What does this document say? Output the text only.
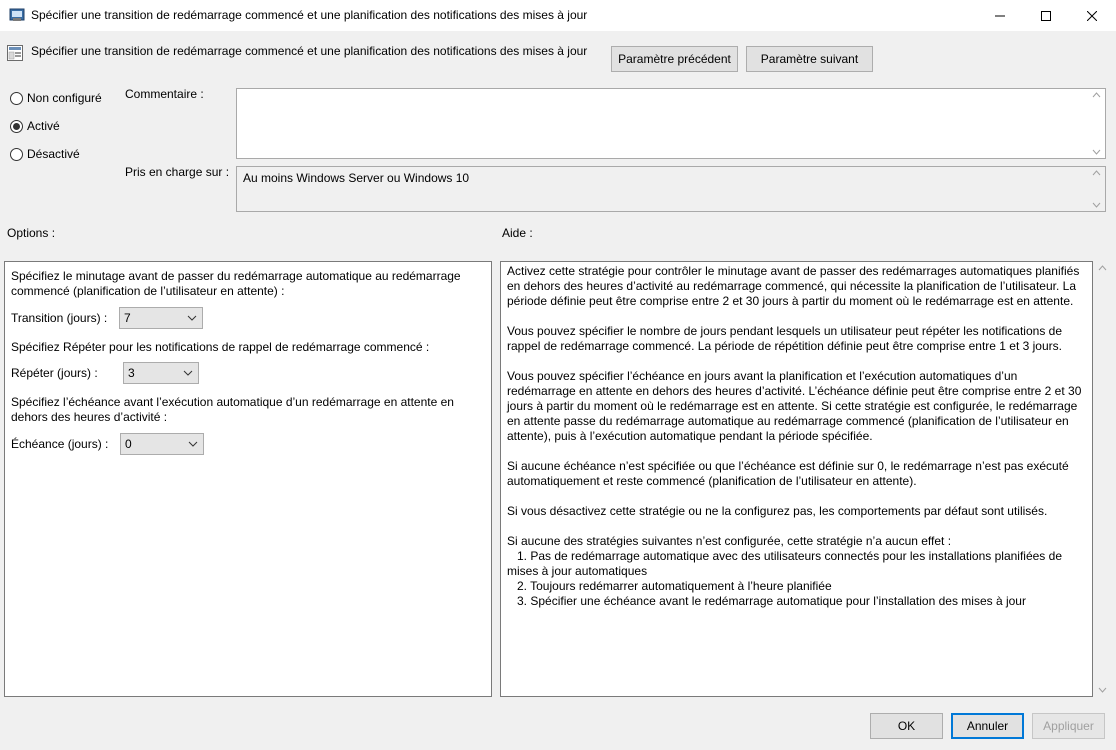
Spécifier une transition de redémarrage commencé et une planification des notifications des mises à jour
Spécifier une transition de redémarrage commencé et une planification des notifications des mises à jour
Paramètre précédent	Paramètre suivant
Non configuré
Activé
Désactivé
Commentaire :
Pris en charge sur : Au moins Windows Server ou Windows 10
Options :	Aide :
Spécifiez le minutage avant de passer du redémarrage automatique au redémarrage commencé (planification de l’utilisateur en attente) :
Transition (jours) : 7
Spécifiez Répéter pour les notifications de rappel de redémarrage commencé :
Répéter (jours) :	3
Spécifiez l’échéance avant l’exécution automatique d’un redémarrage en attente en dehors des heures d’activité :
Échéance (jours) : 0

Activez cette stratégie pour contrôler le minutage avant de passer des redémarrages automatiques planifiés en dehors des heures d’activité au redémarrage commencé, qui nécessite la planification de l’utilisateur. La période définie peut être comprise entre 2 et 30 jours à partir du moment où le redémarrage est en attente.

Vous pouvez spécifier le nombre de jours pendant lesquels un utilisateur peut répéter les notifications de rappel de redémarrage commencé. La période de répétition définie peut être comprise entre 1 et 3 jours.

Vous pouvez spécifier l’échéance en jours avant la planification et l’exécution automatiques d’un redémarrage en attente en dehors des heures d’activité. L’échéance définie peut être comprise entre 2 et 30 jours à partir du moment où le redémarrage est en attente. Si cette stratégie est configurée, le redémarrage en attente passe du redémarrage automatique au redémarrage commencé (planification de l’utilisateur en attente), puis à l’exécution automatique pendant la période spécifiée.

Si aucune échéance n’est spécifiée ou que l’échéance est définie sur 0, le redémarrage n’est pas exécuté automatiquement et reste commencé (planification de l’utilisateur en attente).

Si vous désactivez cette stratégie ou ne la configurez pas, les comportements par défaut sont utilisés.

Si aucune des stratégies suivantes n’est configurée, cette stratégie n’a aucun effet :

1. Pas de redémarrage automatique avec des utilisateurs connectés pour les installations planifiées de mises à jour automatiques

2. Toujours redémarrer automatiquement à l’heure planifiée

3. Spécifier une échéance avant le redémarrage automatique pour l’installation des mises à jour

OK	Annuler	Appliquer
